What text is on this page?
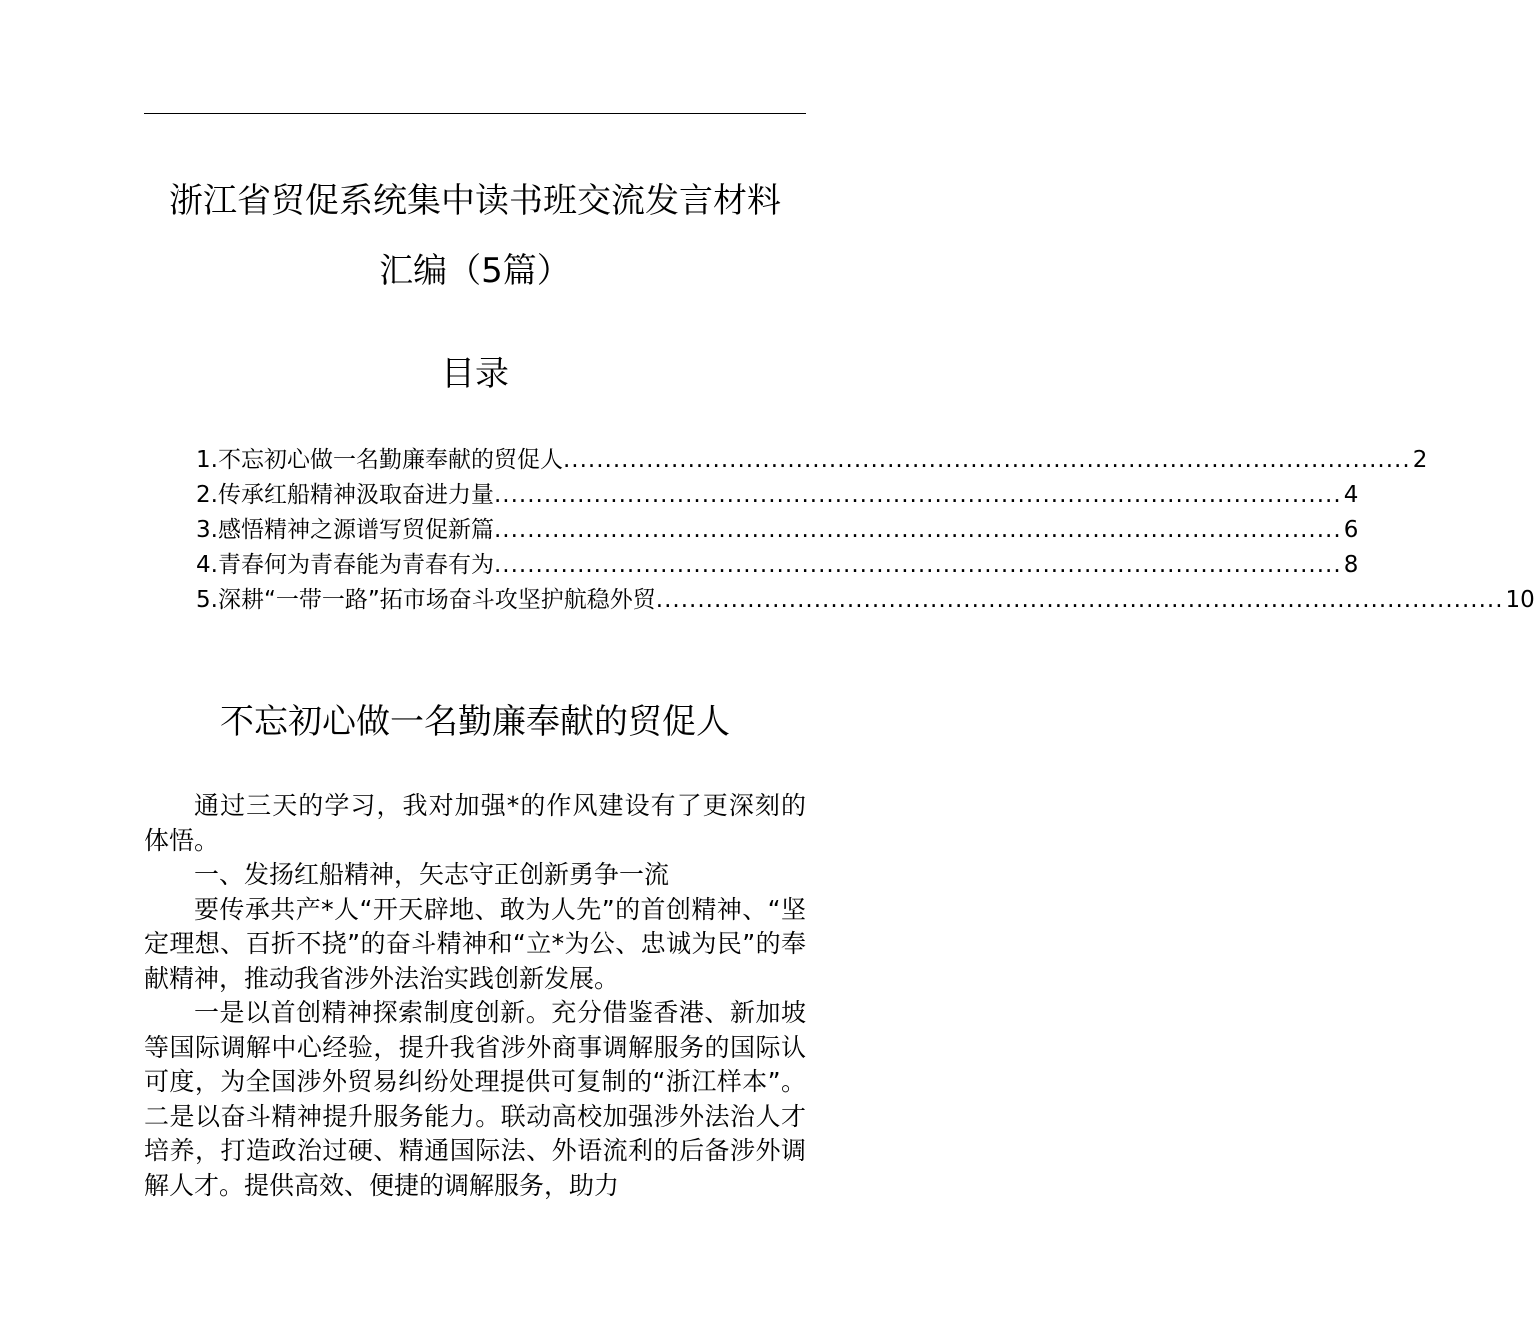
浙江省贸促系统集中读书班交流发言材料
汇编（5篇）
目录
1.不忘初心做一名勤廉奉献的贸促人 ...................................................................................................... 2
2.传承红船精神汲取奋进力量 ...................................................................................................... 4
3.感悟精神之源谱写贸促新篇 ...................................................................................................... 6
4.青春何为青春能为青春有为 ...................................................................................................... 8
5.深耕“一带一路”拓市场奋斗攻坚护航稳外贸 ...................................................................................................... 10
不忘初心做一名勤廉奉献的贸促人

通过三天的学习，我对加强*的作风建设有了更深刻的体悟。

一、发扬红船精神，矢志守正创新勇争一流

要传承共产*人“开天辟地、敢为人先”的首创精神、“坚定理想、百折不挠”的奋斗精神和“立*为公、忠诚为民”的奉献精神，推动我省涉外法治实践创新发展。

一是以首创精神探索制度创新。充分借鉴香港、新加坡等国际调解中心经验，提升我省涉外商事调解服务的国际认可度，为全国涉外贸易纠纷处理提供可复制的“浙江样本”。二是以奋斗精神提升服务能力。联动高校加强涉外法治人才培养，打造政治过硬、精通国际法、外语流利的后备涉外调解人才。提供高效、便捷的调解服务，助力
